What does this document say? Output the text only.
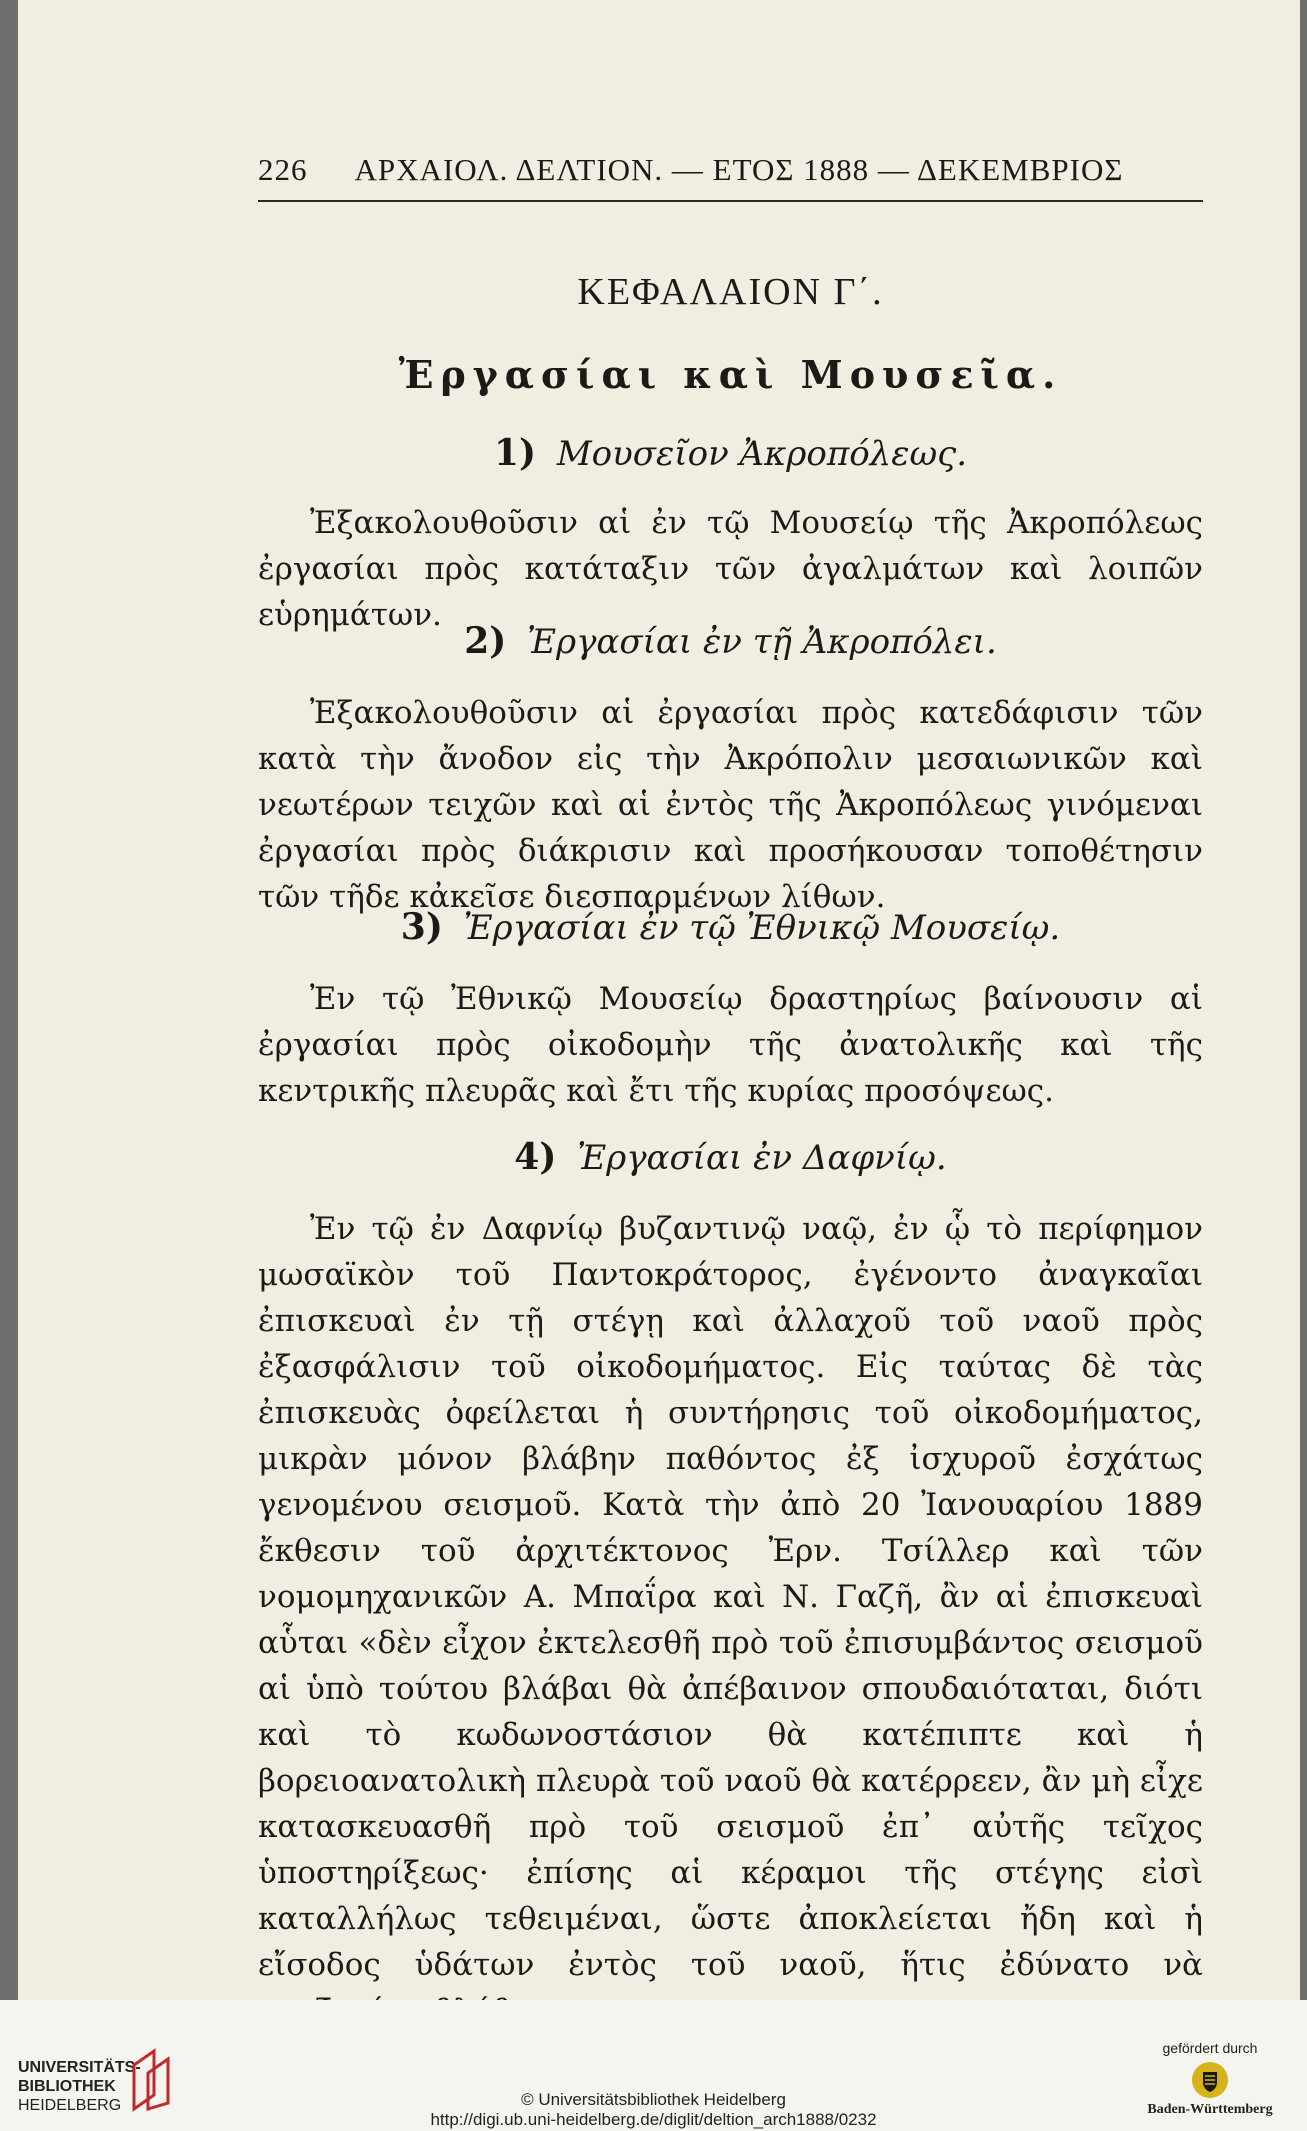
226 ΑΡΧΑΙΟΛ. ΔΕΛΤΙΟΝ. — ΕΤΟΣ 1888 — ΔΕΚΕΜΒΡΙΟΣ
ΚΕΦΑΛΑΙΟΝ Γ΄.
Ἐργασίαι καὶ Μουσεῖα.
1) Μουσεῖον Ἀκροπόλεως.

Ἐξακολουθοῦσιν αἱ ἐν τῷ Μουσείῳ τῆς Ἀκροπόλεως ἐργασίαι πρὸς κατάταξιν τῶν ἀγαλμάτων καὶ λοιπῶν εὑρημάτων.

2) Ἐργασίαι ἐν τῇ Ἀκροπόλει.

Ἐξακολουθοῦσιν αἱ ἐργασίαι πρὸς κατεδάφισιν τῶν κατὰ τὴν ἄνοδον εἰς τὴν Ἀκρόπολιν μεσαιωνικῶν καὶ νεωτέρων τειχῶν καὶ αἱ ἐντὸς τῆς Ἀκροπόλεως γινόμεναι ἐργασίαι πρὸς διάκρισιν καὶ προσήκουσαν τοποθέτησιν τῶν τῆδε κἀκεῖσε διεσπαρμένων λίθων.

3) Ἐργασίαι ἐν τῷ Ἐθνικῷ Μουσείῳ.

Ἐν τῷ Ἐθνικῷ Μουσείῳ δραστηρίως βαίνουσιν αἱ ἐργασίαι πρὸς οἰκοδομὴν τῆς ἀνατολικῆς καὶ τῆς κεντρικῆς πλευρᾶς καὶ ἔτι τῆς κυρίας προσόψεως.

4) Ἐργασίαι ἐν Δαφνίῳ.

Ἐν τῷ ἐν Δαφνίῳ βυζαντινῷ ναῷ, ἐν ᾧ τὸ περίφημον μωσαϊκὸν τοῦ Παντοκράτορος, ἐγένοντο ἀναγκαῖαι ἐπισκευαὶ ἐν τῇ στέγῃ καὶ ἀλλαχοῦ τοῦ ναοῦ πρὸς ἐξασφάλισιν τοῦ οἰκοδομήματος. Εἰς ταύτας δὲ τὰς ἐπισκευὰς ὀφείλεται ἡ συντήρησις τοῦ οἰκοδομήματος, μικρὰν μόνον βλάβην παθόντος ἐξ ἰσχυροῦ ἐσχάτως γενομένου σεισμοῦ. Κατὰ τὴν ἀπὸ 20 Ἰανουαρίου 1889 ἔκθεσιν τοῦ ἀρχιτέκτονος Ἐρν. Τσίλλερ καὶ τῶν νομομηχανικῶν Α. Μπαΐρα καὶ Ν. Γαζῆ, ἂν αἱ ἐπισκευαὶ αὗται «δὲν εἶχον ἐκτελεσθῆ πρὸ τοῦ ἐπισυμβάντος σεισμοῦ αἱ ὑπὸ τούτου βλάβαι θὰ ἀπέβαινον σπουδαιόταται, διότι καὶ τὸ κωδωνοστάσιον θὰ κατέπιπτε καὶ ἡ βορειοανατολικὴ πλευρὰ τοῦ ναοῦ θὰ κατέρρεεν, ἂν μὴ εἶχε κατασκευασθῆ πρὸ τοῦ σεισμοῦ ἐπ᾽ αὐτῆς τεῖχος ὑποστηρίξεως· ἐπίσης αἱ κέραμοι τῆς στέγης εἰσὶ καταλλήλως τεθειμέναι, ὥστε ἀποκλείεται ἤδη καὶ ἡ εἴσοδος ὑδάτων ἐντὸς τοῦ ναοῦ, ἥτις ἐδύνατο νὰ

UNIVERSITÄTS-
BIBLIOTHEK
HEIDELBERG	© Universitätsbibliothek Heidelberg
http://digi.ub.uni-heidelberg.de/diglit/deltion_arch1888/0232
gefördert durch
Baden-Württemberg
